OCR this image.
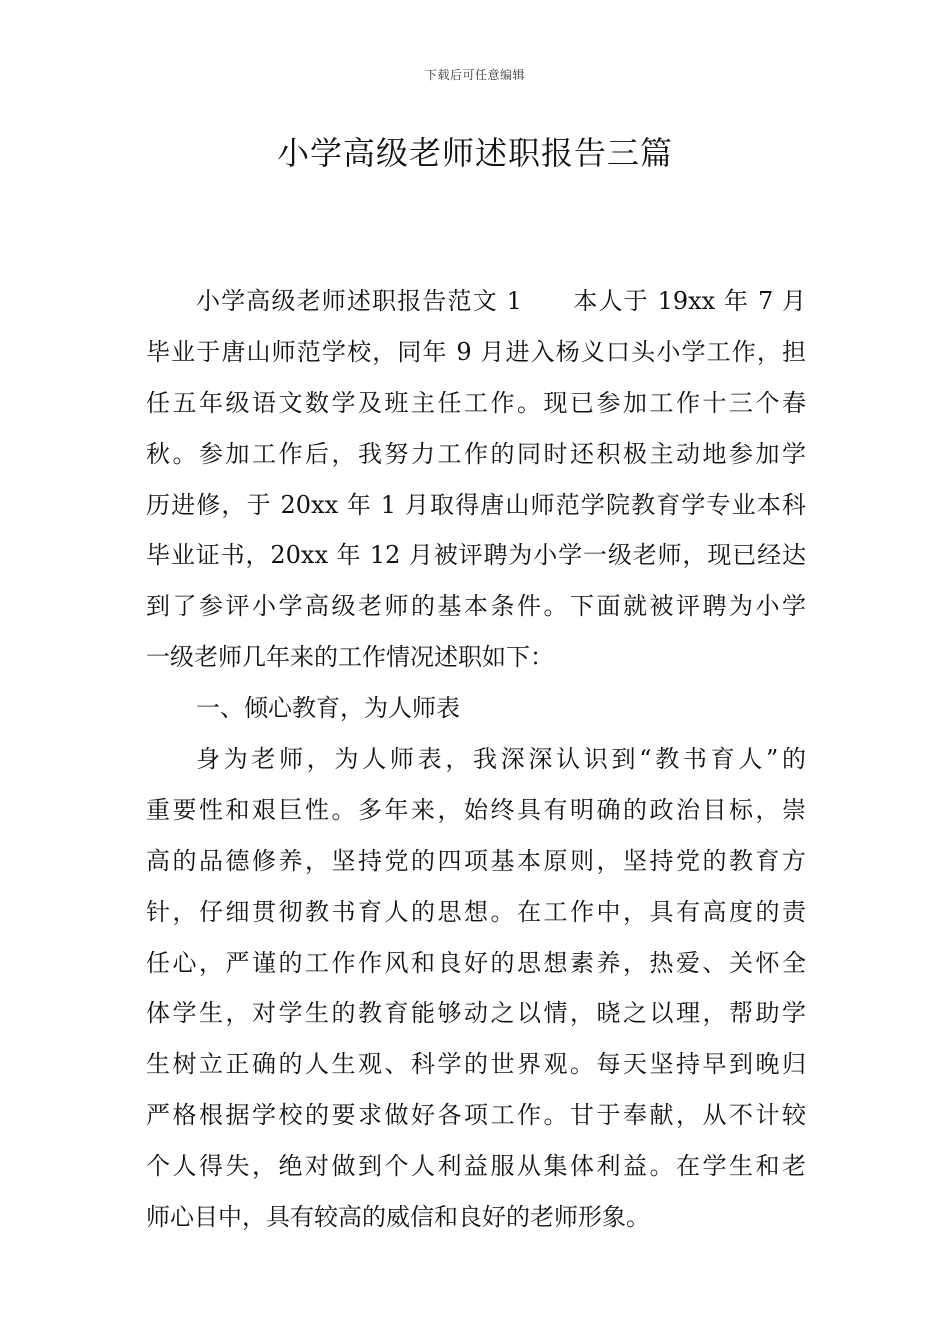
下载后可任意编辑
小学高级老师述职报告三篇
小学高级老师述职报告范文 1　　本人于 19xx 年 7 月
毕业于唐山师范学校，同年 9 月进入杨义口头小学工作，担
任五年级语文数学及班主任工作。现已参加工作十三个春
秋。参加工作后，我努力工作的同时还积极主动地参加学
历进修，于 20xx 年 1 月取得唐山师范学院教育学专业本科
毕业证书，20xx 年 12 月被评聘为小学一级老师，现已经达
到了参评小学高级老师的基本条件。下面就被评聘为小学
一级老师几年来的工作情况述职如下：
一、倾心教育，为人师表
身为老师，为人师表，我深深认识到“教书育人”的
重要性和艰巨性。多年来，始终具有明确的政治目标，崇
高的品德修养，坚持党的四项基本原则，坚持党的教育方
针，仔细贯彻教书育人的思想。在工作中，具有高度的责
任心，严谨的工作作风和良好的思想素养，热爱、关怀全
体学生，对学生的教育能够动之以情，晓之以理，帮助学
生树立正确的人生观、科学的世界观。每天坚持早到晚归
严格根据学校的要求做好各项工作。甘于奉献，从不计较
个人得失，绝对做到个人利益服从集体利益。在学生和老
师心目中，具有较高的威信和良好的老师形象。
